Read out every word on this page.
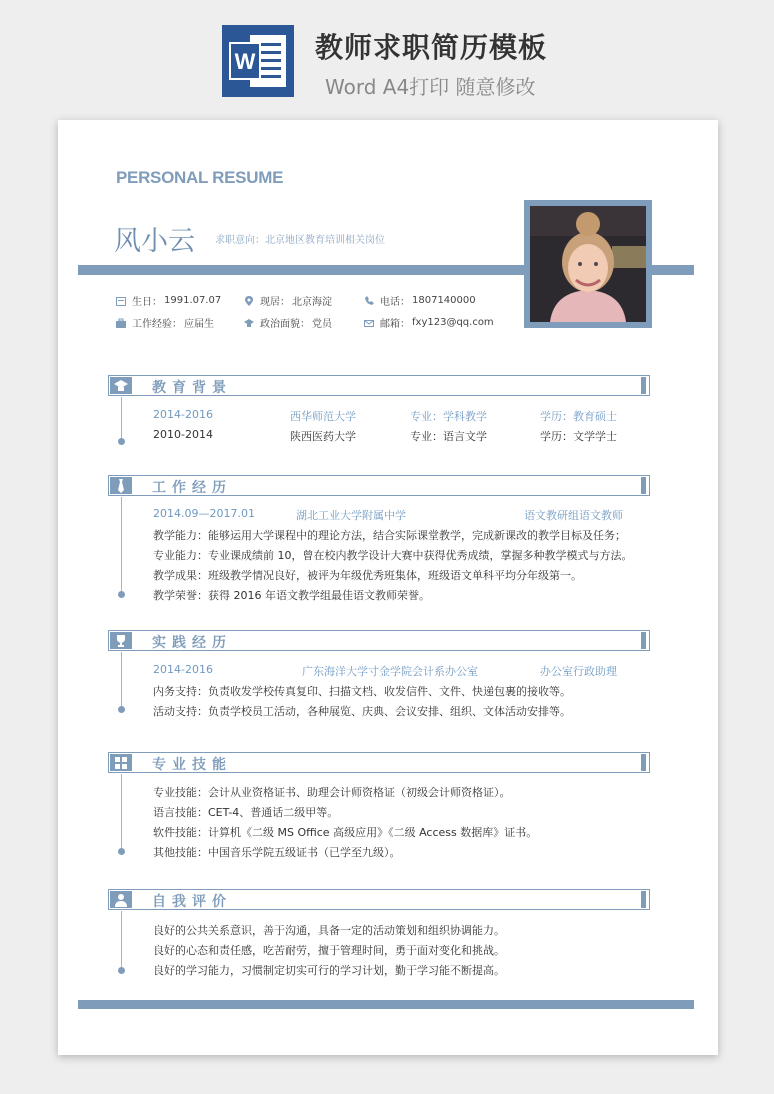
W 教师求职简历模板
Word A4打印 随意修改
PERSONAL RESUME
风小云 求职意向：北京地区教育培训相关岗位
生日： 1991.07.07	现居： 北京海淀	电话： 1807140000
工作经验： 应届生	政治面貌： 党员	邮箱： fxy123@qq.com
教育背景
2014-2016	西华师范大学	专业：学科教学	学历：教育硕士
2010-2014	陕西医药大学	专业：语言文学	学历：文学学士
工作经历
2014.09—2017.01	湖北工业大学附属中学	语文教研组语文教师
教学能力：能够运用大学课程中的理论方法，结合实际课堂教学，完成新课改的教学目标及任务；
专业能力：专业课成绩前 10，曾在校内教学设计大赛中获得优秀成绩，掌握多种教学模式与方法。
教学成果：班级教学情况良好，被评为年级优秀班集体，班级语文单科平均分年级第一。
教学荣誉：获得 2016 年语文教学组最佳语文教师荣誉。
实践经历
2014-2016	广东海洋大学寸金学院会计系办公室	办公室行政助理
内务支持：负责收发学校传真复印、扫描文档、收发信件、文件、快递包裹的接收等。
活动支持：负责学校员工活动，各种展览、庆典、会议安排、组织、文体活动安排等。
专业技能
专业技能：会计从业资格证书、助理会计师资格证（初级会计师资格证）。
语言技能：CET-4、普通话二级甲等。
软件技能：计算机《二级 MS Office 高级应用》《二级 Access 数据库》证书。
其他技能：中国音乐学院五级证书（已学至九级）。
自我评价
良好的公共关系意识，善于沟通，具备一定的活动策划和组织协调能力。
良好的心态和责任感，吃苦耐劳，擅于管理时间，勇于面对变化和挑战。
良好的学习能力，习惯制定切实可行的学习计划，勤于学习能不断提高。
